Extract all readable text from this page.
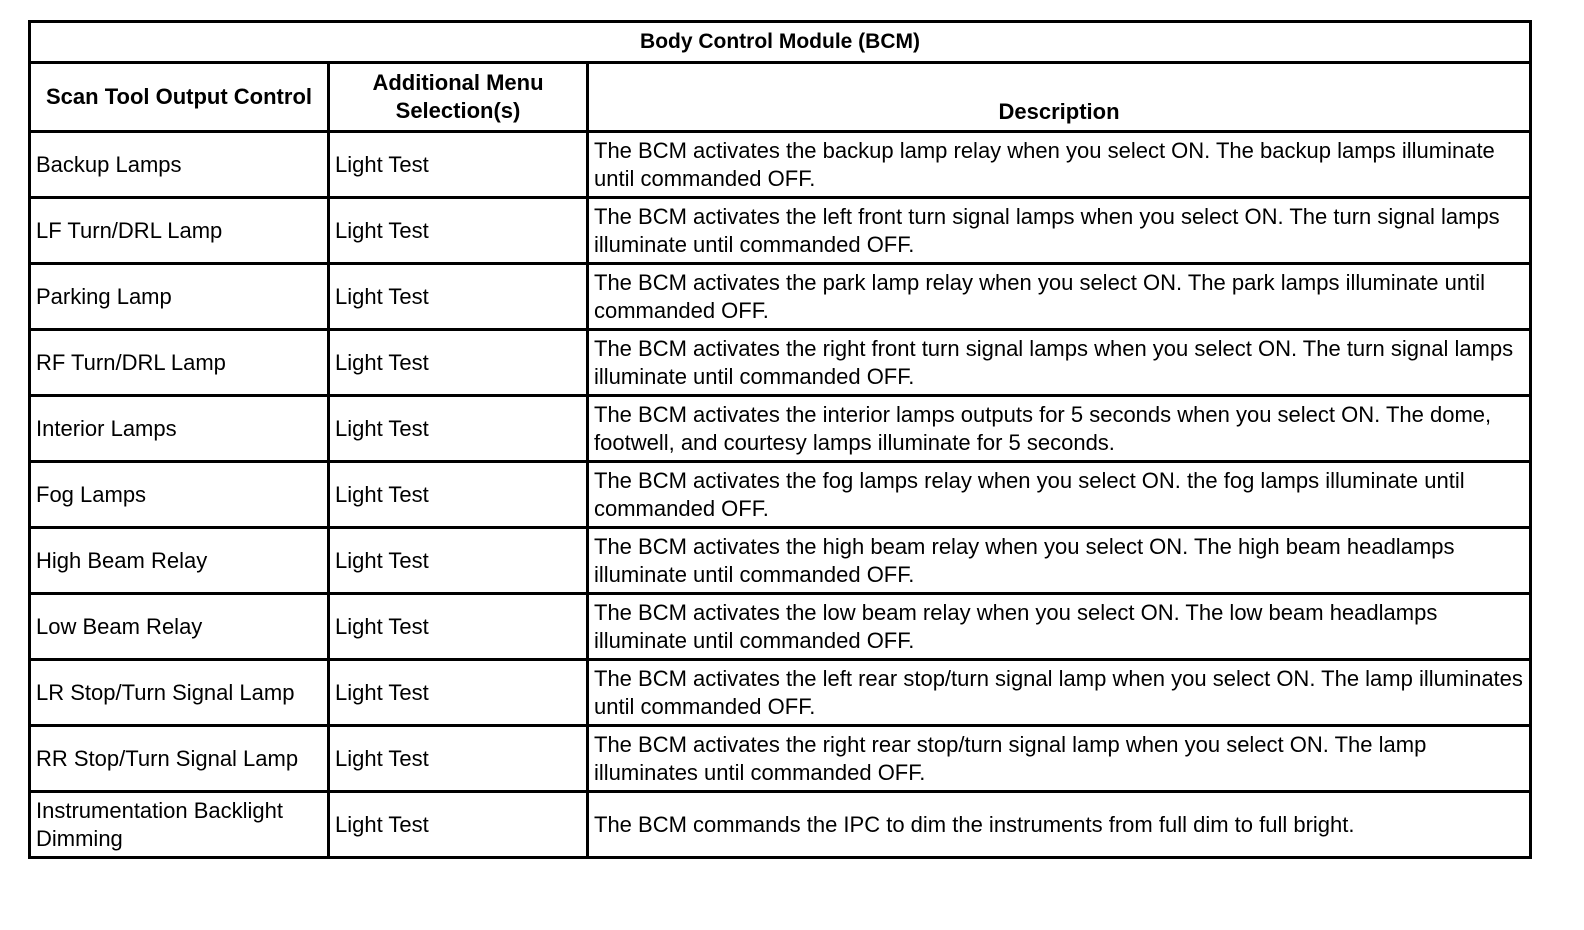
Body Control Module (BCM)		
Scan Tool Output Control	Additional Menu Selection(s)	Description
Backup Lamps	Light Test	The BCM activates the backup lamp relay when you select ON. The backup lamps illuminate until commanded OFF.
LF Turn/DRL Lamp	Light Test	The BCM activates the left front turn signal lamps when you select ON. The turn signal lamps illuminate until commanded OFF.
Parking Lamp	Light Test	The BCM activates the park lamp relay when you select ON. The park lamps illuminate until commanded OFF.
RF Turn/DRL Lamp	Light Test	The BCM activates the right front turn signal lamps when you select ON. The turn signal lamps illuminate until commanded OFF.
Interior Lamps	Light Test	The BCM activates the interior lamps outputs for 5 seconds when you select ON. The dome, footwell, and courtesy lamps illuminate for 5 seconds.
Fog Lamps	Light Test	The BCM activates the fog lamps relay when you select ON. the fog lamps illuminate until commanded OFF.
High Beam Relay	Light Test	The BCM activates the high beam relay when you select ON. The high beam headlamps illuminate until commanded OFF.
Low Beam Relay	Light Test	The BCM activates the low beam relay when you select ON. The low beam headlamps illuminate until commanded OFF.
LR Stop/Turn Signal Lamp	Light Test	The BCM activates the left rear stop/turn signal lamp when you select ON. The lamp illuminates until commanded OFF.
RR Stop/Turn Signal Lamp	Light Test	The BCM activates the right rear stop/turn signal lamp when you select ON. The lamp illuminates until commanded OFF.
Instrumentation Backlight Dimming	Light Test	The BCM commands the IPC to dim the instruments from full dim to full bright.
